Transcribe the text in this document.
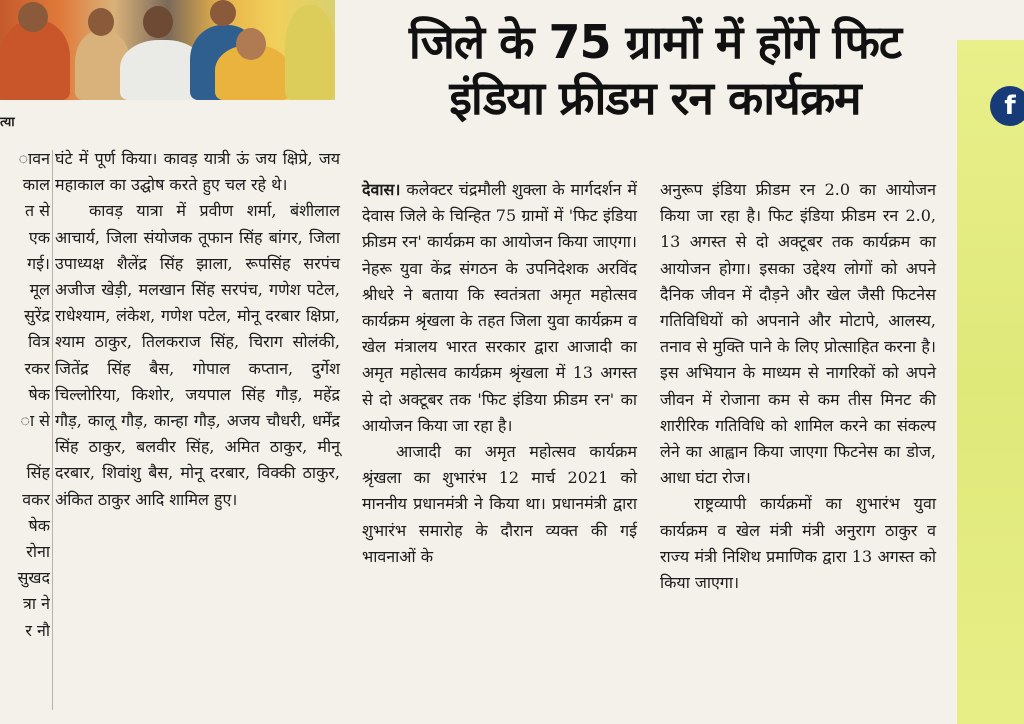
त्या
जिले के 75 ग्रामों में होंगे फिट
इंडिया फ्रीडम रन कार्यक्रम
ावन
काल
त से
एक
गई।
मूल
सुरेंद्र
वित्र
रकर
षेक
ा से

सिंह
वकर
षेक
रोना
सुखद
त्रा ने
र नौ

घंटे में पूर्ण किया। कावड़ यात्री ऊं जय क्षिप्रे, जय महाकाल का उद्घोष करते हुए चल रहे थे।

कावड़ यात्रा में प्रवीण शर्मा, बंशीलाल आचार्य, जिला संयोजक तूफान सिंह बांगर, जिला उपाध्यक्ष शैलेंद्र सिंह झाला, रूपसिंह सरपंच अजीज खेड़ी, मलखान सिंह सरपंच, गणेश पटेल, राधेश्याम, लंकेश, गणेश पटेल, मोनू दरबार क्षिप्रा, श्याम ठाकुर, तिलकराज सिंह, चिराग सोलंकी, जितेंद्र सिंह बैस, गोपाल कप्तान, दुर्गेश चिल्लोरिया, किशोर, जयपाल सिंह गौड़, महेंद्र गौड़, कालू गौड़, कान्हा गौड़, अजय चौधरी, धर्मेंद्र सिंह ठाकुर, बलवीर सिंह, अमित ठाकुर, मीनू दरबार, शिवांशु बैस, मोनू दरबार, विक्की ठाकुर, अंकित ठाकुर आदि शामिल हुए।

देवास। कलेक्टर चंद्रमौली शुक्ला के मार्गदर्शन में देवास जिले के चिन्हित 75 ग्रामों में 'फिट इंडिया फ्रीडम रन' कार्यक्रम का आयोजन किया जाएगा। नेहरू युवा केंद्र संगठन के उपनिदेशक अरविंद श्रीधरे ने बताया कि स्वतंत्रता अमृत महोत्सव कार्यक्रम श्रृंखला के तहत जिला युवा कार्यक्रम व खेल मंत्रालय भारत सरकार द्वारा आजादी का अमृत महोत्सव कार्यक्रम श्रृंखला में 13 अगस्त से दो अक्टूबर तक 'फिट इंडिया फ्रीडम रन' का आयोजन किया जा रहा है।

आजादी का अमृत महोत्सव कार्यक्रम श्रृंखला का शुभारंभ 12 मार्च 2021 को माननीय प्रधानमंत्री ने किया था। प्रधानमंत्री द्वारा शुभारंभ समारोह के दौरान व्यक्त की गई भावनाओं के

अनुरूप इंडिया फ्रीडम रन 2.0 का आयोजन किया जा रहा है। फिट इंडिया फ्रीडम रन 2.0, 13 अगस्त से दो अक्टूबर तक कार्यक्रम का आयोजन होगा। इसका उद्देश्य लोगों को अपने दैनिक जीवन में दौड़ने और खेल जैसी फिटनेस गतिविधियों को अपनाने और मोटापे, आलस्य, तनाव से मुक्ति पाने के लिए प्रोत्साहित करना है। इस अभियान के माध्यम से नागरिकों को अपने जीवन में रोजाना कम से कम तीस मिनट की शारीरिक गतिविधि को शामिल करने का संकल्प लेने का आह्वान किया जाएगा फिटनेस का डोज, आधा घंटा रोज।

राष्ट्रव्यापी कार्यक्रमों का शुभारंभ युवा कार्यक्रम व खेल मंत्री मंत्री अनुराग ठाकुर व राज्य मंत्री निशिथ प्रमाणिक द्वारा 13 अगस्त को किया जाएगा।

f
